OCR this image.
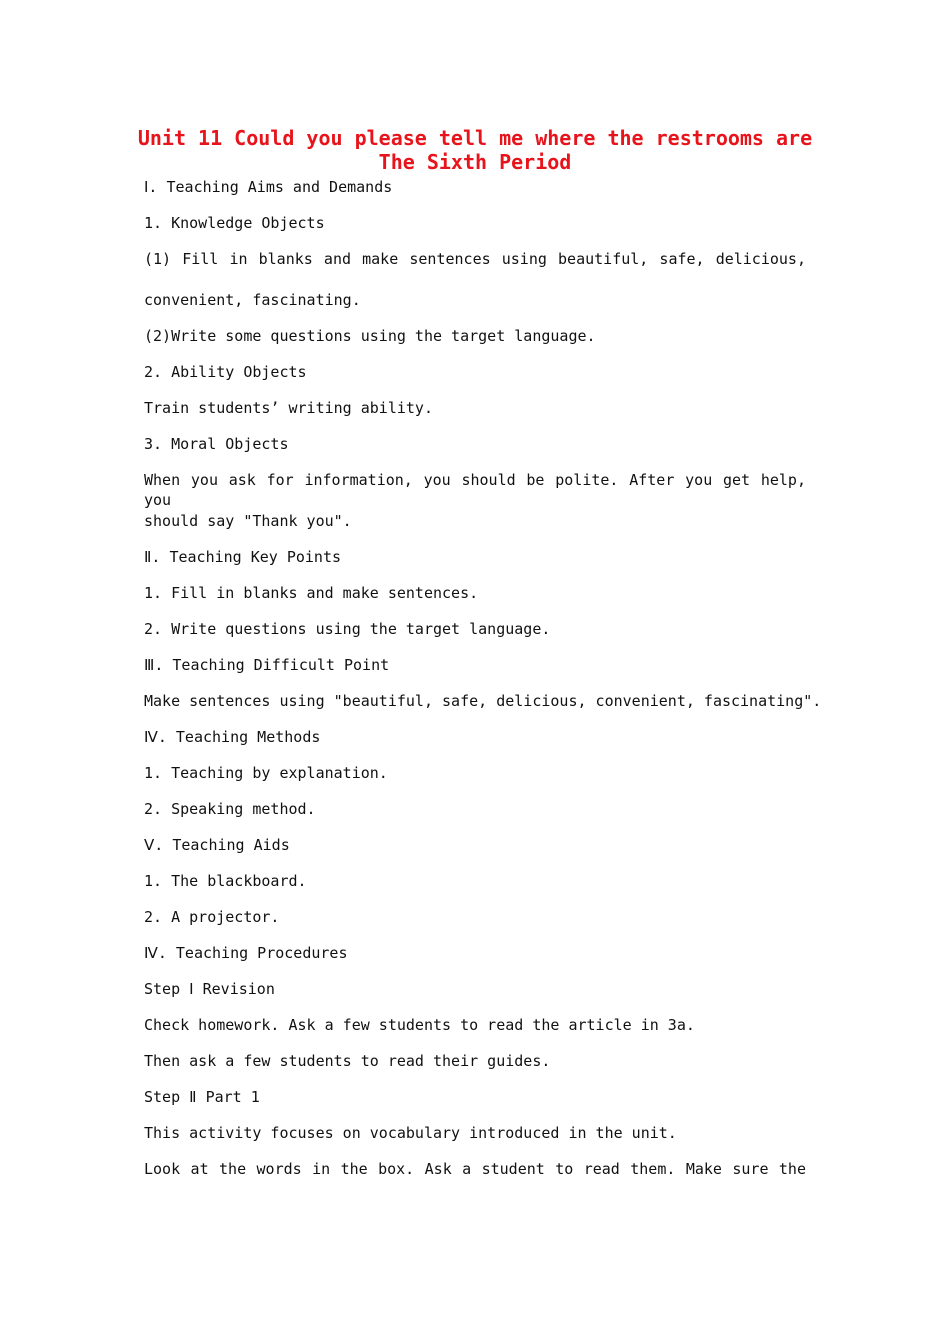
Unit 11 Could you please tell me where the restrooms are
The Sixth Period

Ⅰ. Teaching Aims and Demands

1. Knowledge Objects

(1) Fill in blanks and make sentences using beautiful, safe, delicious,

convenient, fascinating.

(2)Write some questions using the target language.

2. Ability Objects

Train students’ writing ability.

3. Moral Objects

When you ask for information, you should be polite. After you get help, you

should say "Thank you".

Ⅱ. Teaching Key Points

1. Fill in blanks and make sentences.

2. Write questions using the target language.

Ⅲ. Teaching Difficult Point

Make sentences using "beautiful, safe, delicious, convenient, fascinating".

Ⅳ. Teaching Methods

1. Teaching by explanation.

2. Speaking method.

Ⅴ. Teaching Aids

1. The blackboard.

2. A projector.

Ⅳ. Teaching Procedures

Step Ⅰ Revision

Check homework. Ask a few students to read the article in 3a.

Then ask a few students to read their guides.

Step Ⅱ Part 1

This activity focuses on vocabulary introduced in the unit.

Look at the words in the box. Ask a student to read them. Make sure the
